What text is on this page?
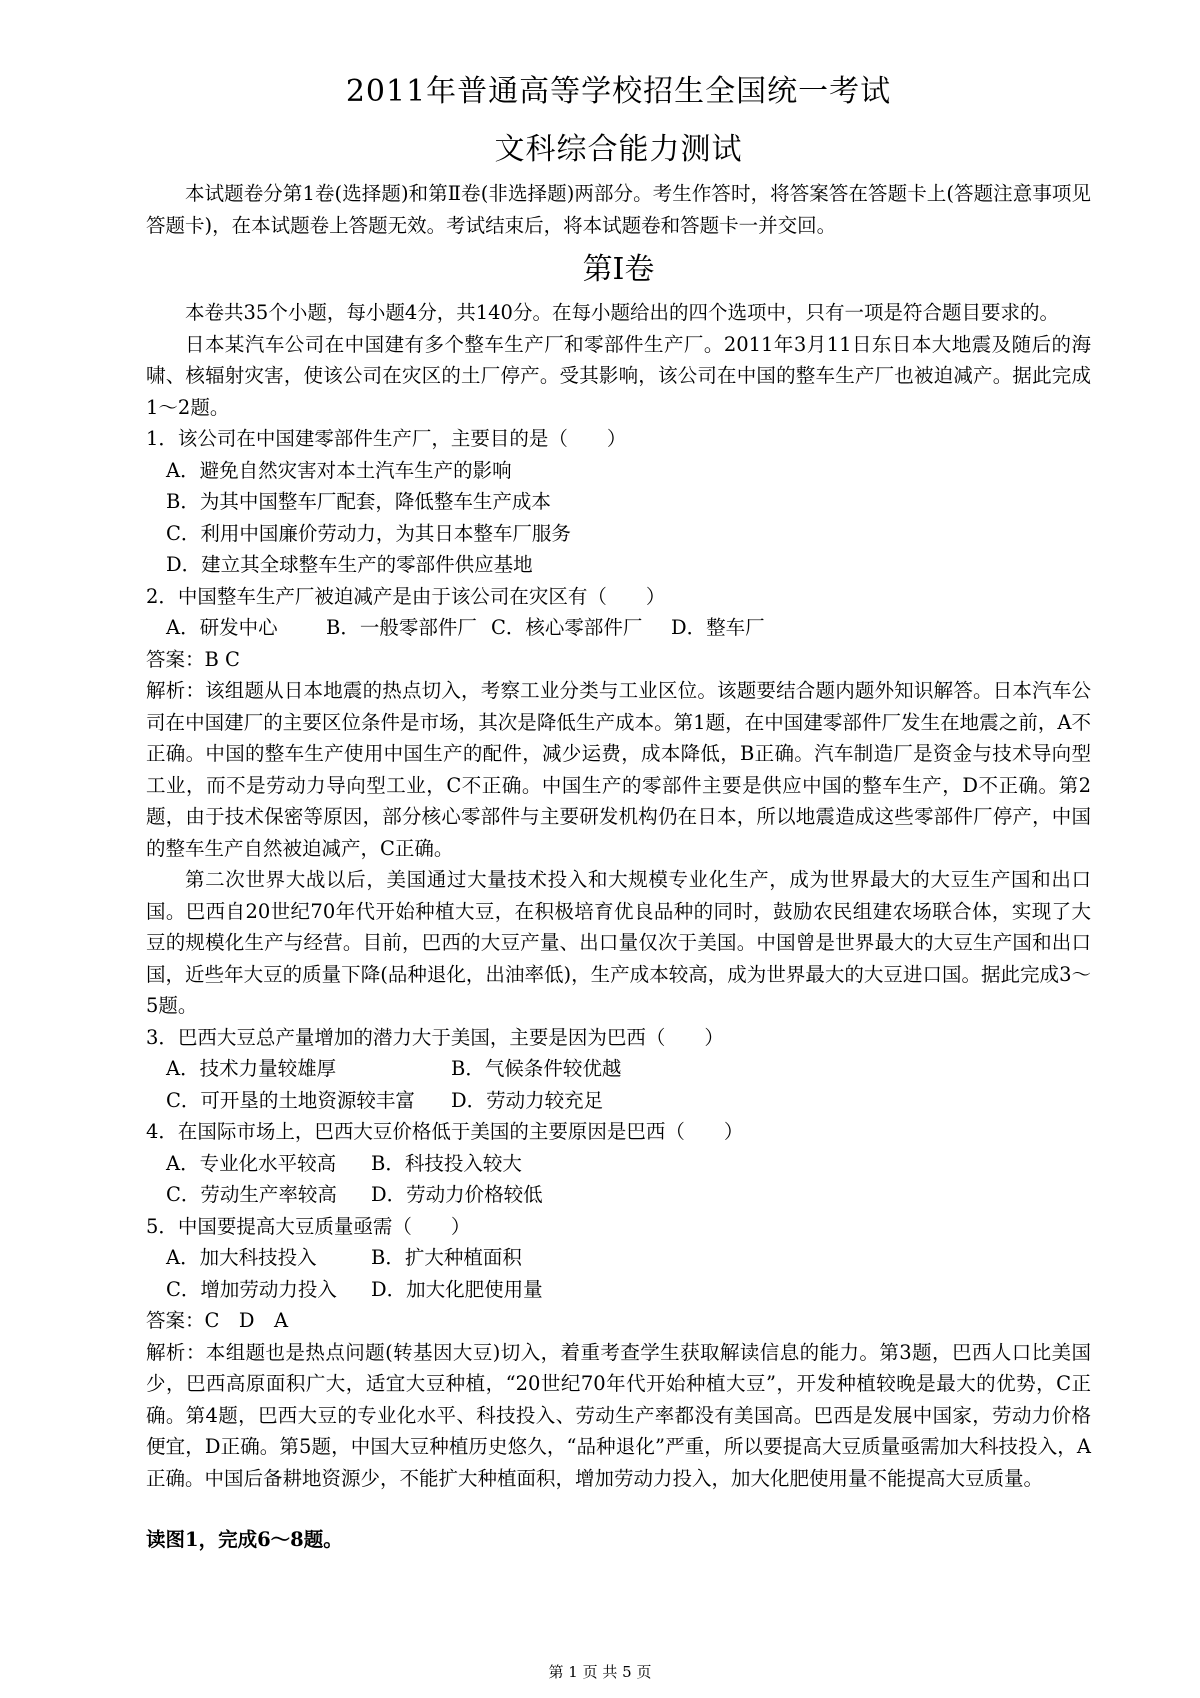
2011年普通高等学校招生全国统一考试
文科综合能力测试

本试题卷分第1卷(选择题)和第Ⅱ卷(非选择题)两部分。考生作答时，将答案答在答题卡上(答题注意事项见答题卡)，在本试题卷上答题无效。考试结束后，将本试题卷和答题卡一并交回。

第Ⅰ卷

本卷共35个小题，每小题4分，共140分。在每小题给出的四个选项中，只有一项是符合题目要求的。

日本某汽车公司在中国建有多个整车生产厂和零部件生产厂。2011年3月11日东日本大地震及随后的海啸、核辐射灾害，使该公司在灾区的土厂停产。受其影响，该公司在中国的整车生产厂也被迫减产。据此完成1～2题。

1．该公司在中国建零部件生产厂，主要目的是（　　）

A．避免自然灾害对本土汽车生产的影响

B．为其中国整车厂配套，降低整车生产成本

C．利用中国廉价劳动力，为其日本整车厂服务

D．建立其全球整车生产的零部件供应基地

2．中国整车生产厂被迫减产是由于该公司在灾区有（　　）

A．研发中心	B．一般零部件厂 C．核心零部件厂	D．整车厂

答案：B C

解析：该组题从日本地震的热点切入，考察工业分类与工业区位。该题要结合题内题外知识解答。日本汽车公司在中国建厂的主要区位条件是市场，其次是降低生产成本。第1题，在中国建零部件厂发生在地震之前，A不正确。中国的整车生产使用中国生产的配件，减少运费，成本降低，B正确。汽车制造厂是资金与技术导向型工业，而不是劳动力导向型工业，C不正确。中国生产的零部件主要是供应中国的整车生产，D不正确。第2题，由于技术保密等原因，部分核心零部件与主要研发机构仍在日本，所以地震造成这些零部件厂停产，中国的整车生产自然被迫减产，C正确。

第二次世界大战以后，美国通过大量技术投入和大规模专业化生产，成为世界最大的大豆生产国和出口国。巴西自20世纪70年代开始种植大豆，在积极培育优良品种的同时，鼓励农民组建农场联合体，实现了大豆的规模化生产与经营。目前，巴西的大豆产量、出口量仅次于美国。中国曾是世界最大的大豆生产国和出口国，近些年大豆的质量下降(品种退化，出油率低)，生产成本较高，成为世界最大的大豆进口国。据此完成3～5题。

3．巴西大豆总产量增加的潜力大于美国，主要是因为巴西（　　）

A．技术力量较雄厚	B．气候条件较优越
C．可开垦的土地资源较丰富	D．劳动力较充足

4．在国际市场上，巴西大豆价格低于美国的主要原因是巴西（　　）

A．专业化水平较高	B．科技投入较大
C．劳动生产率较高	D．劳动力价格较低

5．中国要提高大豆质量亟需（　　）

A．加大科技投入	B．扩大种植面积
C．增加劳动力投入	D．加大化肥使用量

答案：C　D　A

解析：本组题也是热点问题(转基因大豆)切入，着重考查学生获取解读信息的能力。第3题，巴西人口比美国少，巴西高原面积广大，适宜大豆种植，“20世纪70年代开始种植大豆”，开发种植较晚是最大的优势，C正确。第4题，巴西大豆的专业化水平、科技投入、劳动生产率都没有美国高。巴西是发展中国家，劳动力价格便宜，D正确。第5题，中国大豆种植历史悠久，“品种退化”严重，所以要提高大豆质量亟需加大科技投入，A正确。中国后备耕地资源少，不能扩大种植面积，增加劳动力投入，加大化肥使用量不能提高大豆质量。

读图1，完成6～8题。

第 1 页 共 5 页
